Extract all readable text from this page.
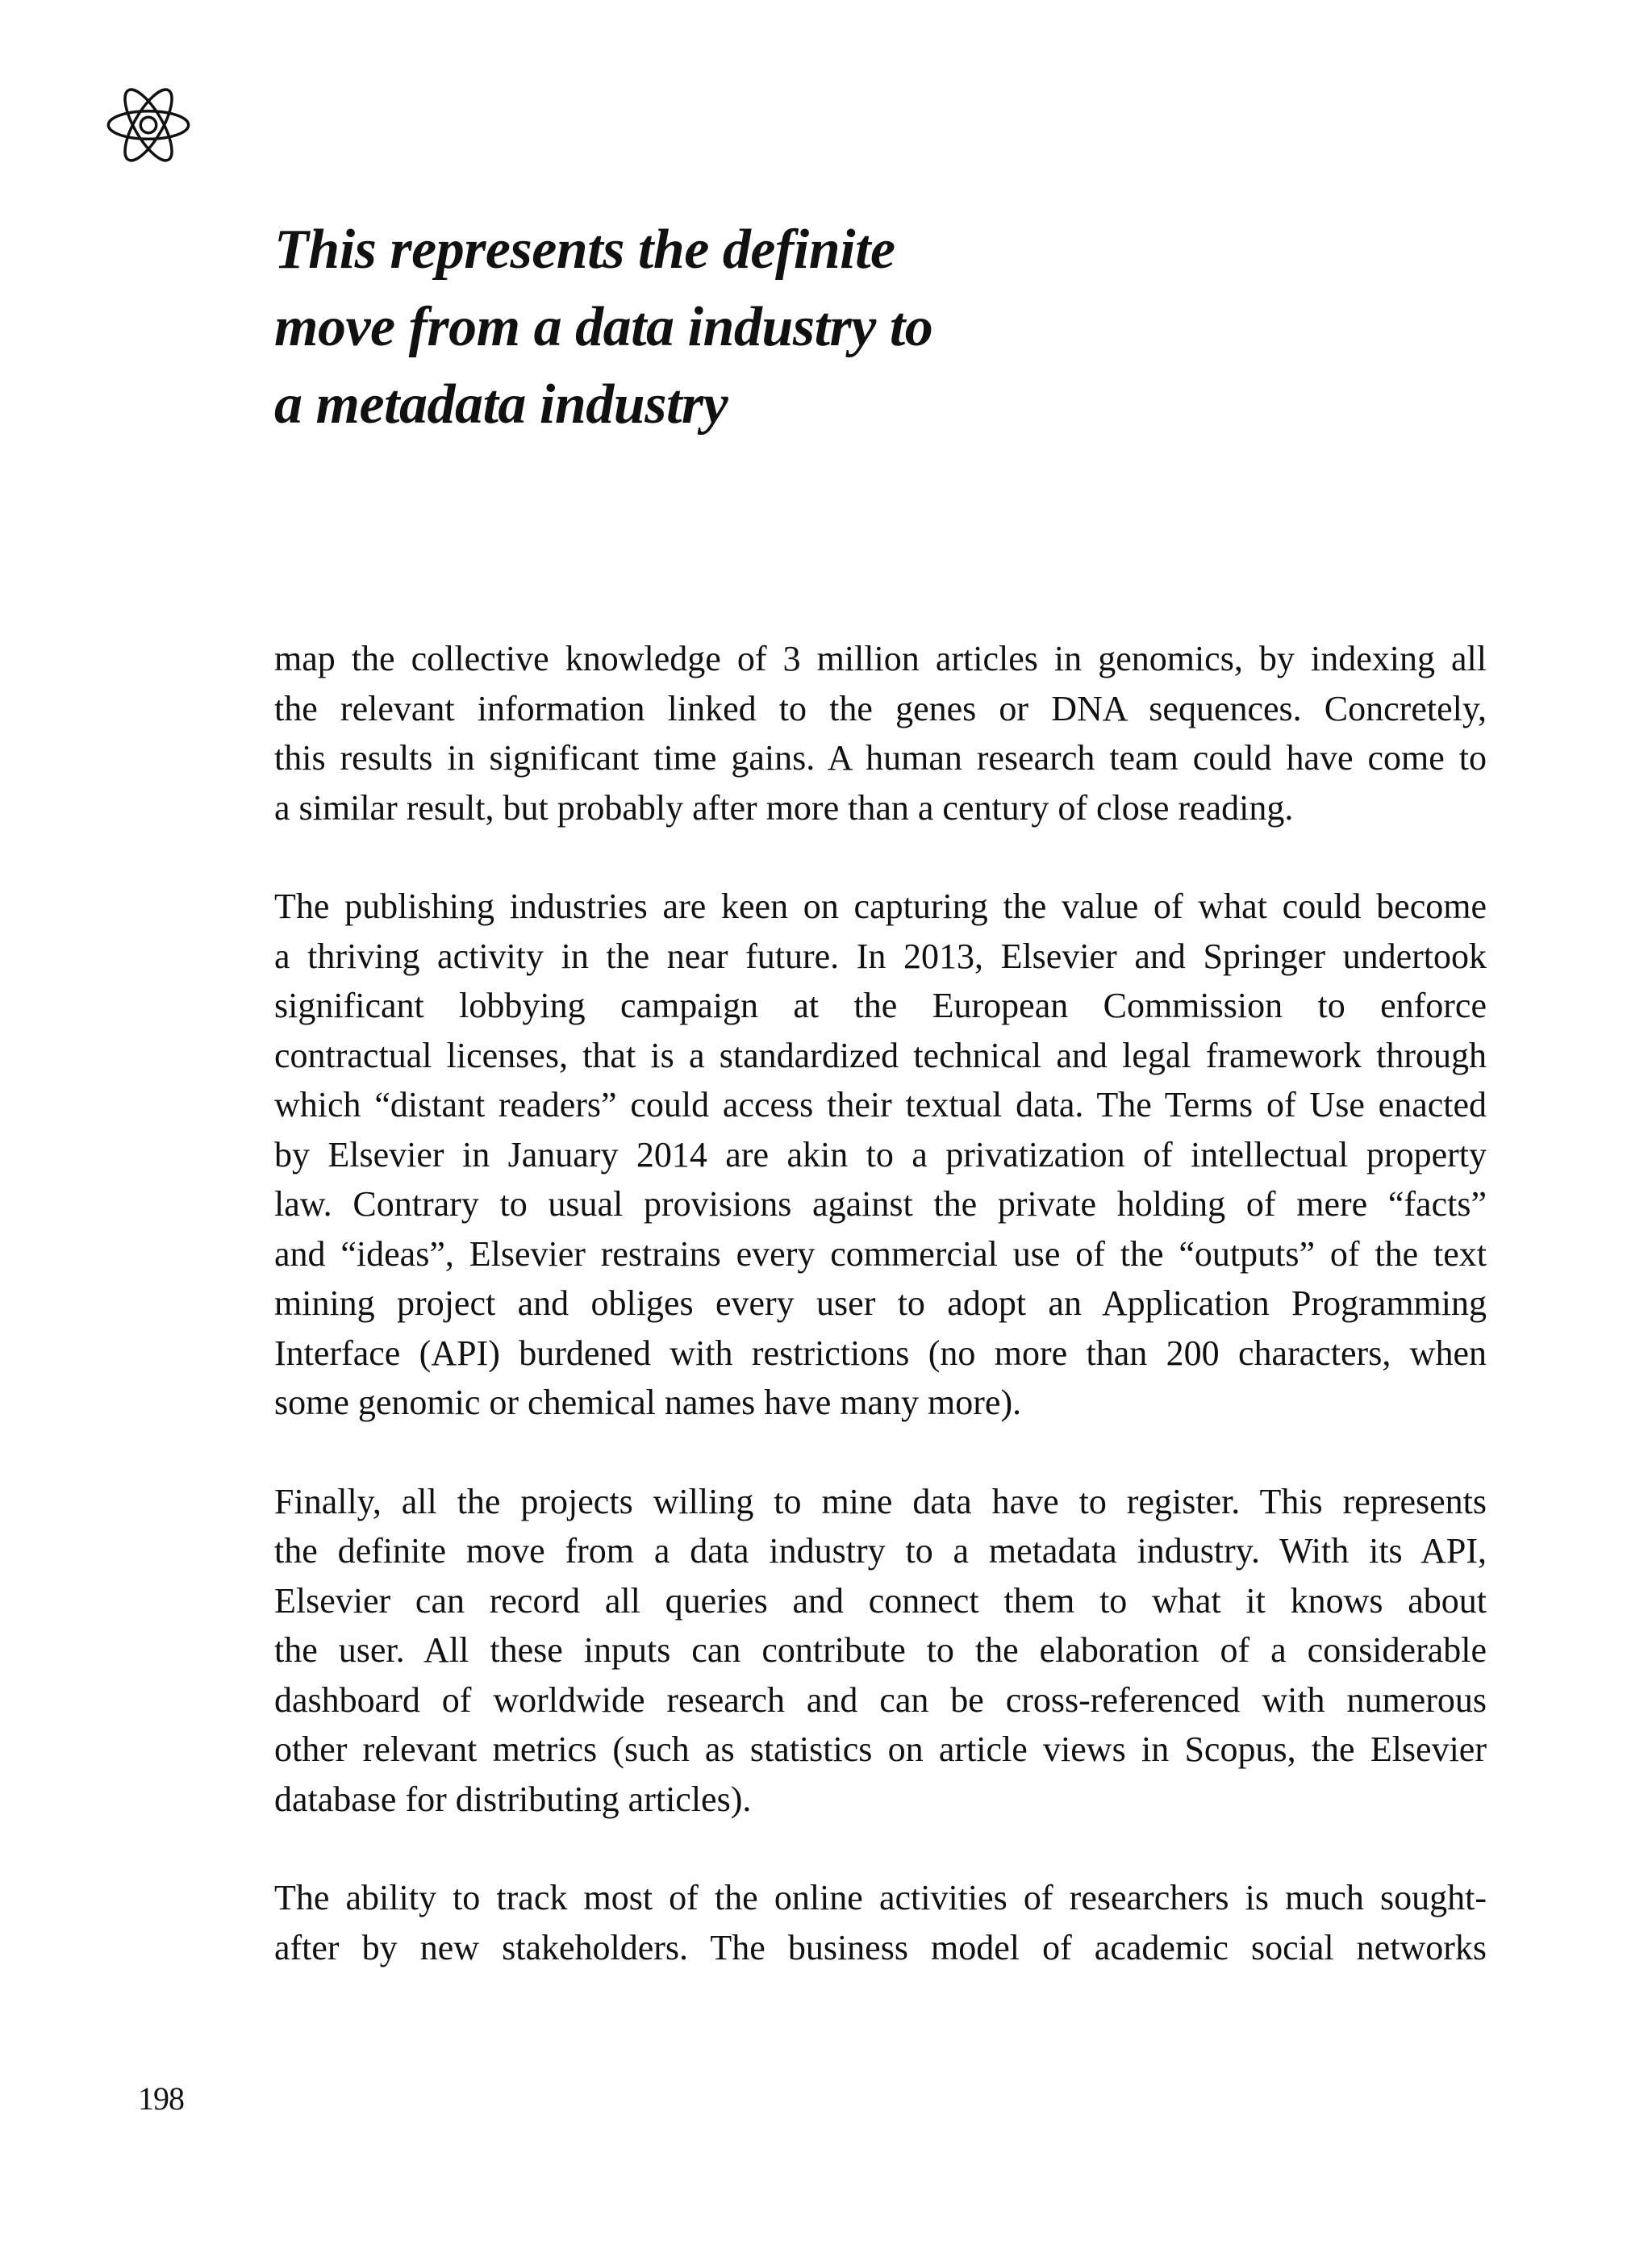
This represents the definite
move from a data industry to
a metadata industry

map the collective knowledge of 3 million articles in genomics, by indexing all
the relevant information linked to the genes or DNA sequences. Concretely,
this results in significant time gains. A human research team could have come to
a similar result, but probably after more than a century of close reading.

The publishing industries are keen on capturing the value of what could become
a thriving activity in the near future. In 2013, Elsevier and Springer undertook
significant lobbying campaign at the European Commission to enforce
contractual licenses, that is a standardized technical and legal framework through
which “distant readers” could access their textual data. The Terms of Use enacted
by Elsevier in January 2014 are akin to a privatization of intellectual property
law. Contrary to usual provisions against the private holding of mere “facts”
and “ideas”, Elsevier restrains every commercial use of the “outputs” of the text
mining project and obliges every user to adopt an Application Programming
Interface (API) burdened with restrictions (no more than 200 characters, when
some genomic or chemical names have many more).

Finally, all the projects willing to mine data have to register. This represents
the definite move from a data industry to a metadata industry. With its API,
Elsevier can record all queries and connect them to what it knows about
the user. All these inputs can contribute to the elaboration of a considerable
dashboard of worldwide research and can be cross-referenced with numerous
other relevant metrics (such as statistics on article views in Scopus, the Elsevier
database for distributing articles).

The ability to track most of the online activities of researchers is much sought-
after by new stakeholders. The business model of academic social networks

198
